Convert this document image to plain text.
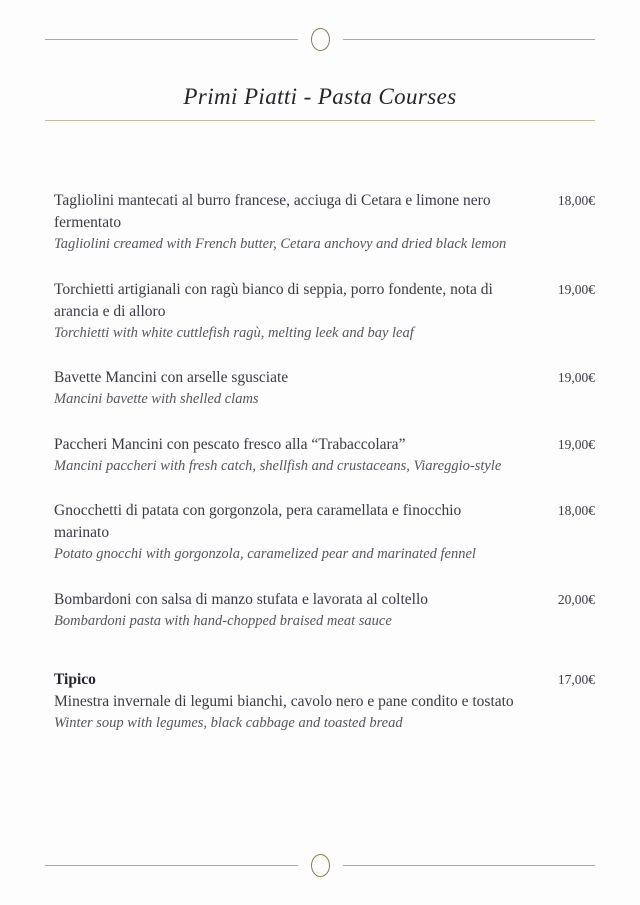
Primi Piatti - Pasta Courses
Tagliolini mantecati al burro francese, acciuga di Cetara e limone nero fermentato
Tagliolini creamed with French butter, Cetara anchovy and dried black lemon
18,00€
Torchietti artigianali con ragù bianco di seppia, porro fondente, nota di arancia e di alloro
Torchietti with white cuttlefish ragù, melting leek and bay leaf
19,00€
Bavette Mancini con arselle sgusciate
Mancini bavette with shelled clams
19,00€
Paccheri Mancini con pescato fresco alla “Trabaccolara”
Mancini paccheri with fresh catch, shellfish and crustaceans, Viareggio-style
19,00€
Gnocchetti di patata con gorgonzola, pera caramellata e finocchio marinato
Potato gnocchi with gorgonzola, caramelized pear and marinated fennel
18,00€
Bombardoni con salsa di manzo stufata e lavorata al coltello
Bombardoni pasta with hand-chopped braised meat sauce
20,00€
Tipico
Minestra invernale di legumi bianchi, cavolo nero e pane condito e tostato
Winter soup with legumes, black cabbage and toasted bread
17,00€
